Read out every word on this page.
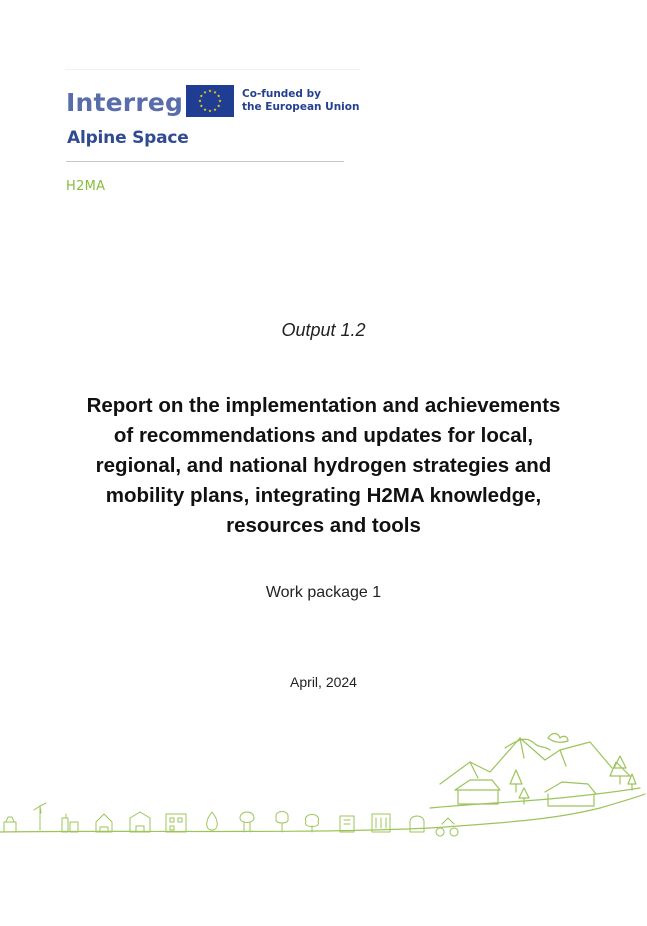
Interreg	Co-funded by
the European Union
Alpine Space
H2MA
Output 1.2
Report on the implementation and achievements
of recommendations and updates for local,
regional, and national hydrogen strategies and
mobility plans, integrating H2MA knowledge,
resources and tools
Work package 1
April, 2024
